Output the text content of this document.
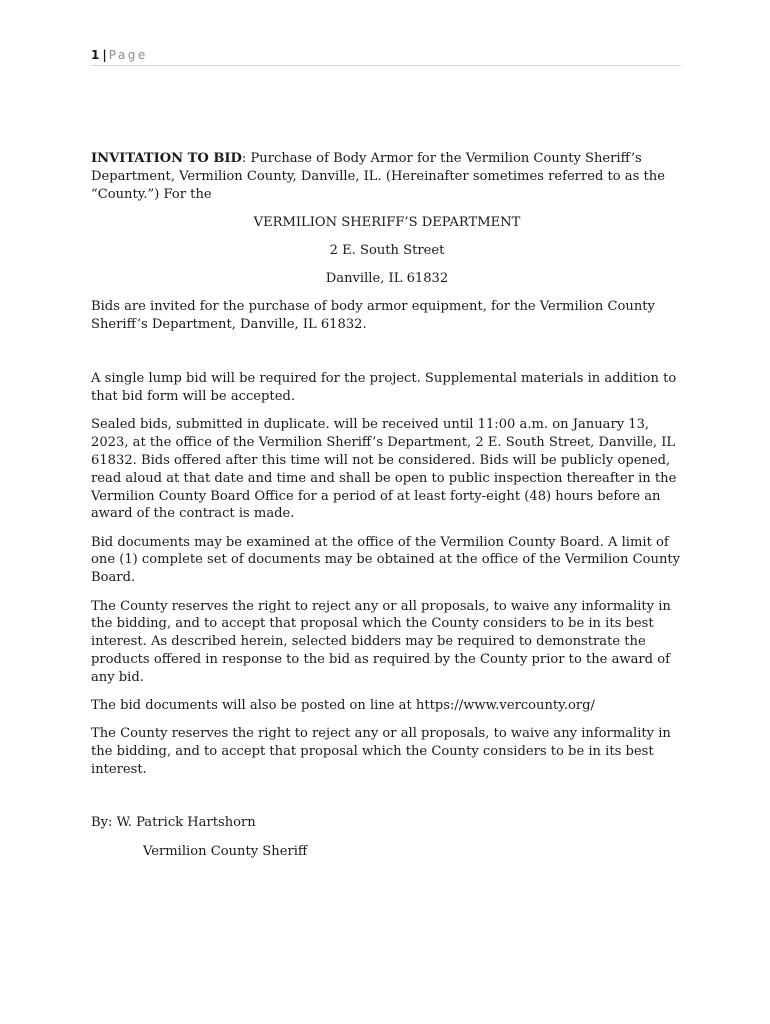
1 | Page

INVITATION TO BID: Purchase of Body Armor for the Vermilion County Sheriff’s Department, Vermilion County, Danville, IL. (Hereinafter sometimes referred to as the “County.”) For the

VERMILION SHERIFF’S DEPARTMENT

2 E. South Street

Danville, IL 61832

Bids are invited for the purchase of body armor equipment, for the Vermilion County Sheriff’s Department, Danville, IL 61832.

A single lump bid will be required for the project. Supplemental materials in addition to that bid form will be accepted.

Sealed bids, submitted in duplicate. will be received until 11:00 a.m. on January 13, 2023, at the office of the Vermilion Sheriff’s Department, 2 E. South Street, Danville, IL 61832. Bids offered after this time will not be considered. Bids will be publicly opened, read aloud at that date and time and shall be open to public inspection thereafter in the Vermilion County Board Office for a period of at least forty-eight (48) hours before an award of the contract is made.

Bid documents may be examined at the office of the Vermilion County Board. A limit of one (1) complete set of documents may be obtained at the office of the Vermilion County Board.

The County reserves the right to reject any or all proposals, to waive any informality in the bidding, and to accept that proposal which the County considers to be in its best interest. As described herein, selected bidders may be required to demonstrate the products offered in response to the bid as required by the County prior to the award of any bid.

The bid documents will also be posted on line at https://www.vercounty.org/

The County reserves the right to reject any or all proposals, to waive any informality in the bidding, and to accept that proposal which the County considers to be in its best interest.

By: W. Patrick Hartshorn

Vermilion County Sheriff
